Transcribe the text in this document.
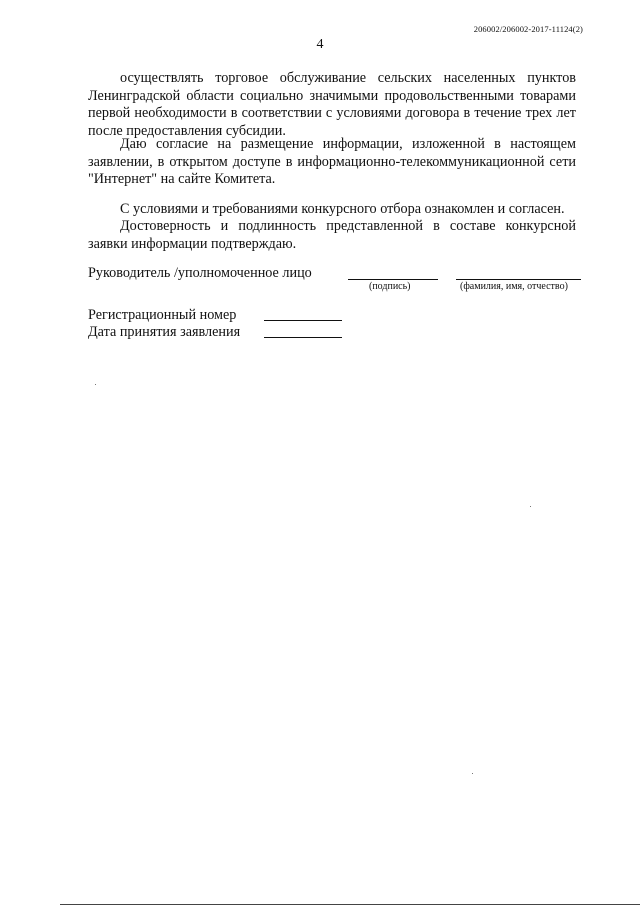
206002/206002-2017-11124(2)
4

осуществлять торговое обслуживание сельских населенных пунктов Ленинградской области социально значимыми продовольственными товарами первой необходимости в соответствии с условиями договора в течение трех лет после предоставления субсидии.

Даю согласие на размещение информации, изложенной в настоящем заявлении, в открытом доступе в информационно-телекоммуникационной сети "Интернет" на сайте Комитета.

С условиями и требованиями конкурсного отбора ознакомлен и согласен.

Достоверность и подлинность представленной в составе конкурсной заявки информации подтверждаю.

Руководитель /уполномоченное лицо
(подпись)	(фамилия, имя, отчество)
Регистрационный номер
Дата принятия заявления
